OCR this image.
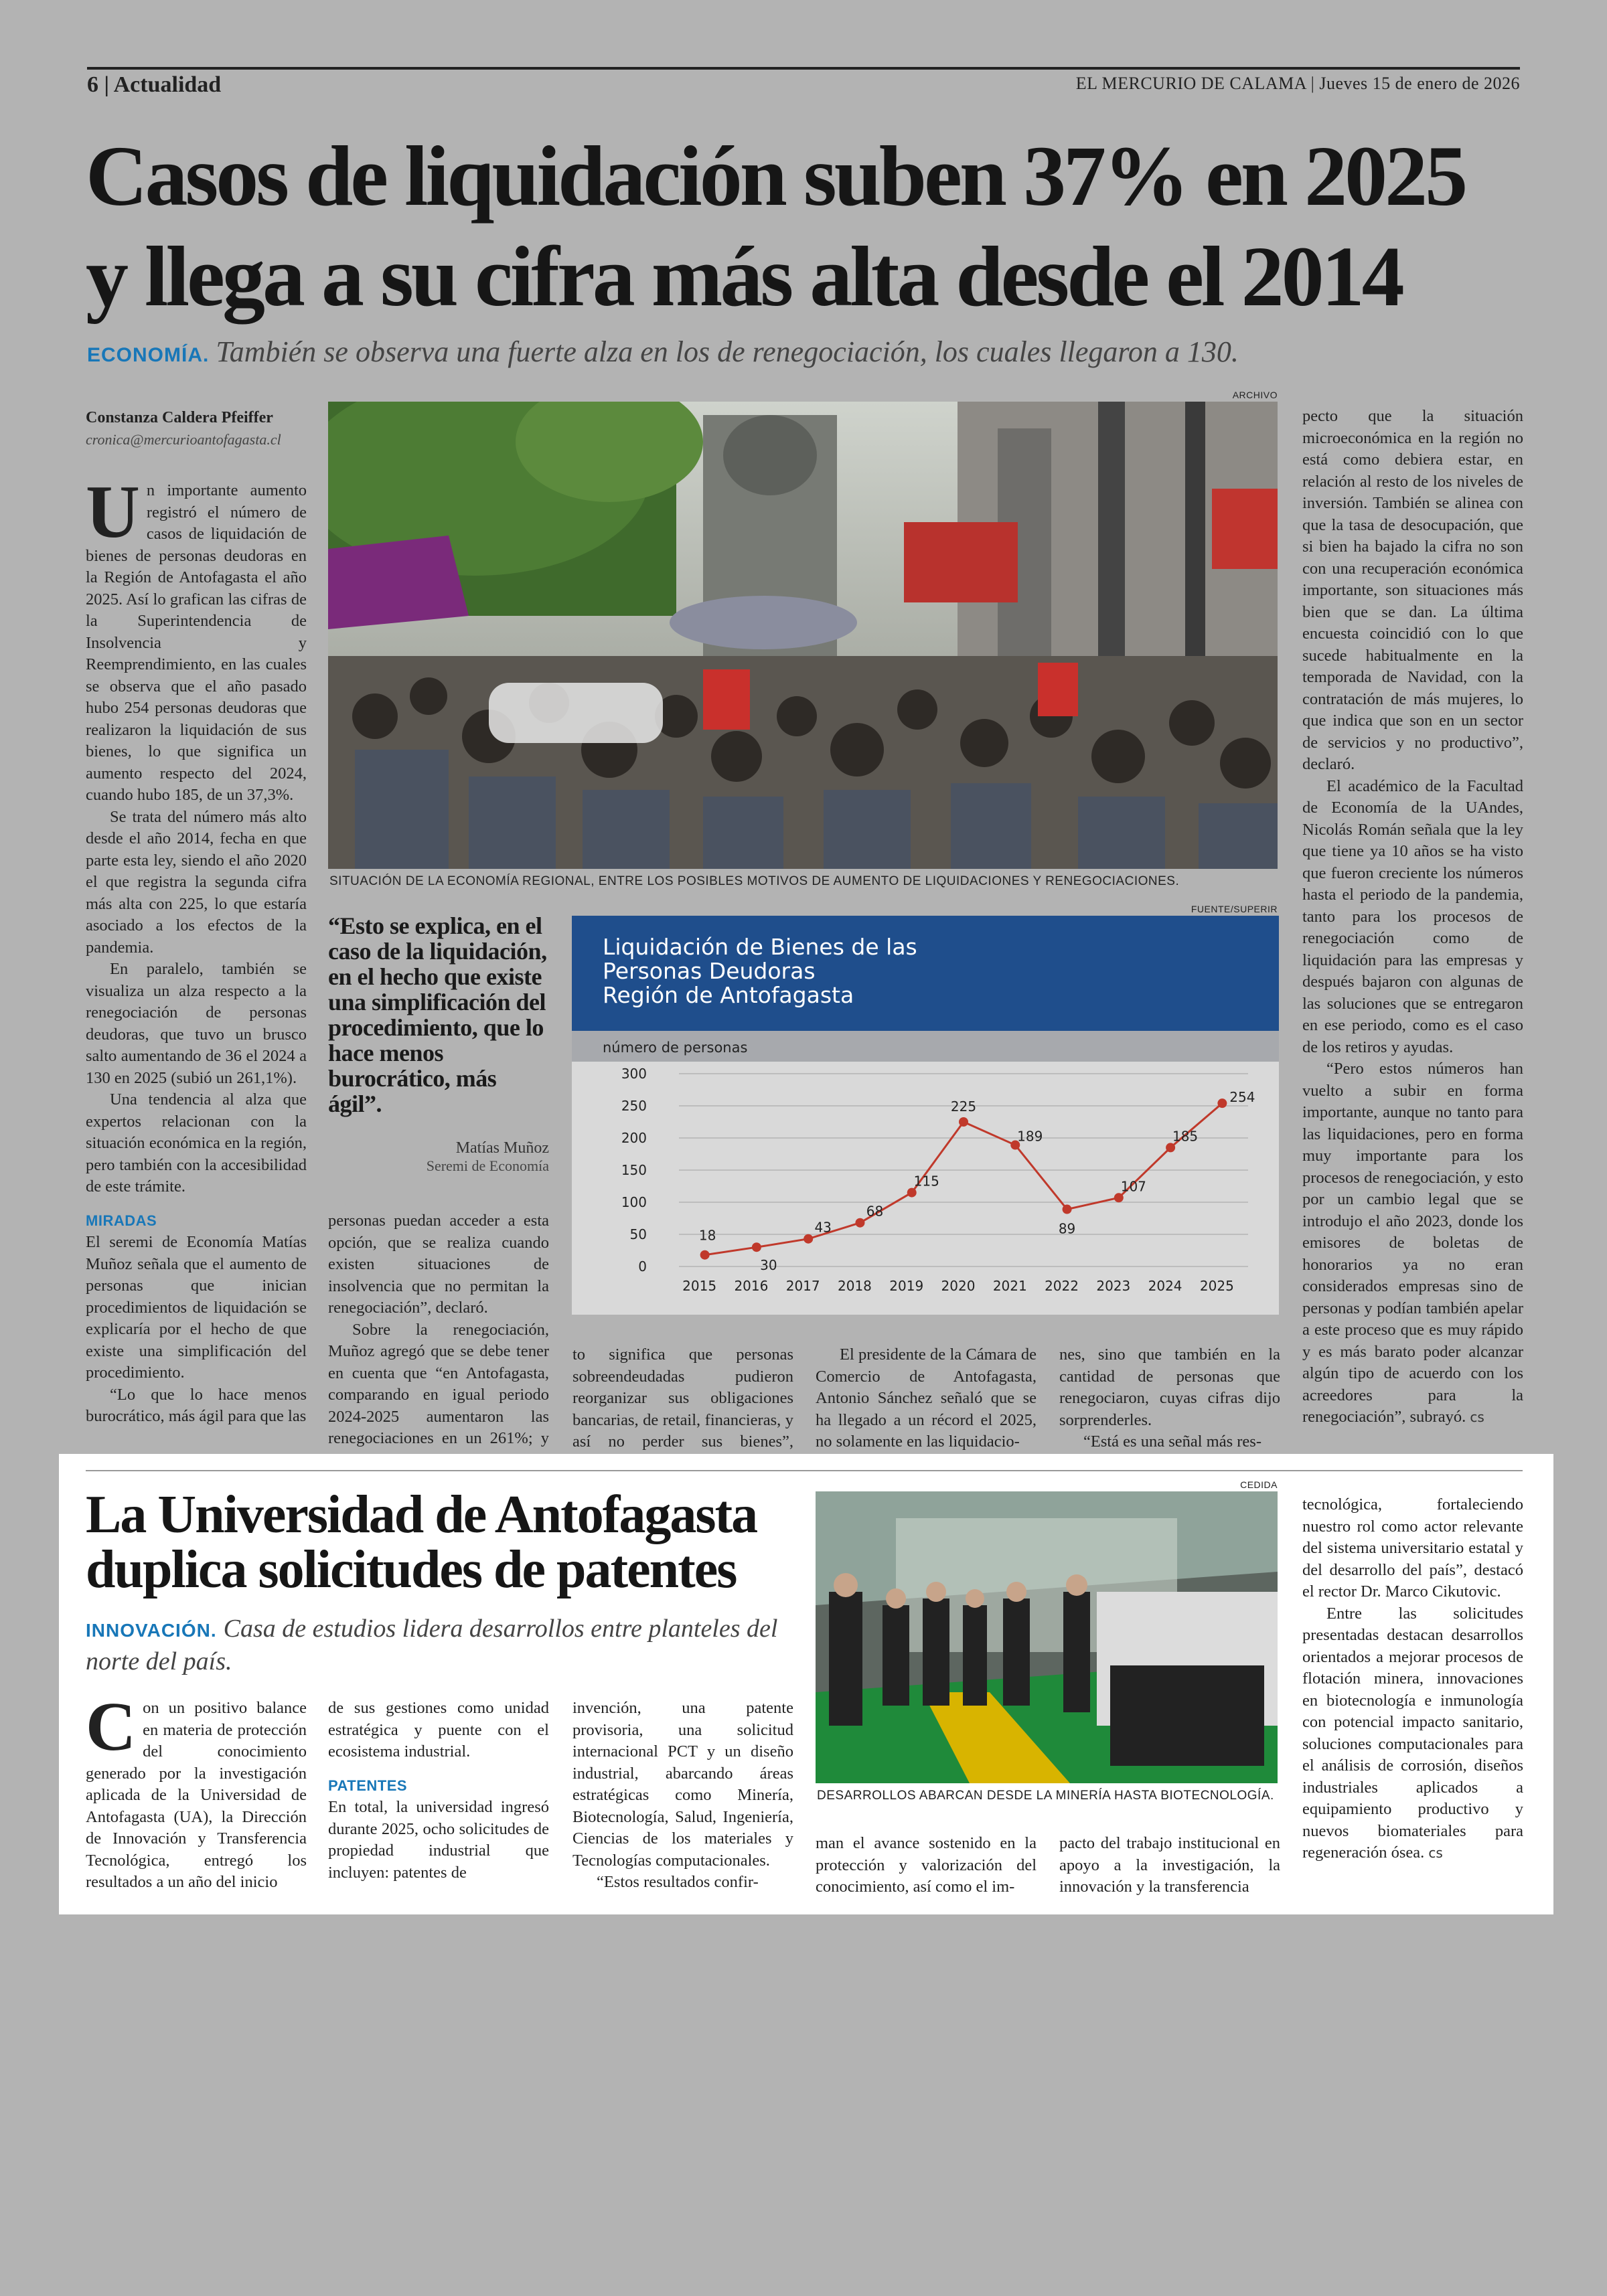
6 | Actualidad	EL MERCURIO DE CALAMA | Jueves 15 de enero de 2026
Casos de liquidación suben 37% en 2025
y llega a su cifra más alta desde el 2014
ECONOMÍA. También se observa una fuerte alza en los de renegociación, los cuales llegaron a 130.
Constanza Caldera Pfeiffer
cronica@mercurioantofagasta.cl

Un importante aumento registró el número de casos de liquidación de bienes de personas deudoras en la Región de Antofagasta el año 2025. Así lo grafican las cifras de la Superintendencia de Insolvencia y Reemprendimiento, en las cuales se observa que el año pasado hubo 254 personas deudoras que realizaron la liquidación de sus bienes, lo que significa un aumento respecto del 2024, cuando hubo 185, de un 37,3%.

Se trata del número más alto desde el año 2014, fecha en que parte esta ley, siendo el año 2020 el que registra la segunda cifra más alta con 225, lo que estaría asociado a los efectos de la pandemia.

En paralelo, también se visualiza un alza respecto a la renegociación de personas deudoras, que tuvo un brusco salto aumentando de 36 el 2024 a 130 en 2025 (subió un 261,1%).

Una tendencia al alza que expertos relacionan con la situación económica en la región, pero también con la accesibilidad de este trámite.

MIRADAS

El seremi de Economía Matías Muñoz señala que el aumento de personas que inician procedimientos de liquidación se explicaría por el hecho de que existe una simplificación del procedimiento.

“Lo que lo hace menos burocrático, más ágil para que las

ARCHIVO
SITUACIÓN DE LA ECONOMÍA REGIONAL, ENTRE LOS POSIBLES MOTIVOS DE AUMENTO DE LIQUIDACIONES Y RENEGOCIACIONES.
FUENTE/SUPERIR
Liquidación de Bienes de las
Personas Deudoras
Región de Antofagasta
número de personas
0
50
100
150
200
250
300
2015 2016 2017 2018 2019 2020 2021 2022 2023 2024 2025
18
30
43
68
115
225
189
89
107
185
254
“Esto se explica, en el caso de la liquidación, en el hecho que existe una simplificación del procedimiento, que lo hace menos burocrático, más ágil”.
Matías Muñoz
Seremi de Economía

personas puedan acceder a esta opción, que se realiza cuando existen situaciones de insolvencia que no permitan la renegociación”, declaró.

Sobre la renegociación, Muñoz agregó que se debe tener en cuenta que “en Antofagasta, comparando en igual periodo 2024-2025 aumentaron las renegociaciones en un 261%; y

to significa que personas sobreendeudadas pudieron reorganizar sus obligaciones bancarias, de retail, financieras, y así no perder sus bienes”,

El presidente de la Cámara de Comercio de Antofagasta, Antonio Sánchez señaló que se ha llegado a un récord el 2025, no solamente en las liquidacio-

nes, sino que también en la cantidad de personas que renegociaron, cuyas cifras dijo sorprenderles.

“Está es una señal más res-

pecto que la situación microeconómica en la región no está como debiera estar, en relación al resto de los niveles de inversión. También se alinea con que la tasa de desocupación, que si bien ha bajado la cifra no son con una recuperación económica importante, son situaciones más bien que se dan. La última encuesta coincidió con lo que sucede habitualmente en la temporada de Navidad, con la contratación de más mujeres, lo que indica que son en un sector de servicios y no productivo”, declaró.

El académico de la Facultad de Economía de la UAndes, Nicolás Román señala que la ley que tiene ya 10 años se ha visto que fueron creciente los números hasta el periodo de la pandemia, tanto para los procesos de renegociación como de liquidación para las empresas y después bajaron con algunas de las soluciones que se entregaron en ese periodo, como es el caso de los retiros y ayudas.

“Pero estos números han vuelto a subir en forma importante, aunque no tanto para las liquidaciones, pero en forma muy importante para los procesos de renegociación, y esto por un cambio legal que se introdujo el año 2023, donde los emisores de boletas de honorarios ya no eran considerados empresas sino de personas y podían también apelar a este proceso que es muy rápido y es más barato poder alcanzar algún tipo de acuerdo con los acreedores para la renegociación”, subrayó. cs

La Universidad de Antofagasta
duplica solicitudes de patentes
INNOVACIÓN. Casa de estudios lidera desarrollos entre planteles del norte del país.

Con un positivo balance en materia de protección del conocimiento generado por la investigación aplicada de la Universidad de Antofagasta (UA), la Dirección de Innovación y Transferencia Tecnológica, entregó los resultados a un año del inicio

de sus gestiones como unidad estratégica y puente con el ecosistema industrial.

PATENTES

En total, la universidad ingresó durante 2025, ocho solicitudes de propiedad industrial que incluyen: patentes de

invención, una patente provisoria, una solicitud internacional PCT y un diseño industrial, abarcando áreas estratégicas como Minería, Biotecnología, Salud, Ingeniería, Ciencias de los materiales y Tecnologías computacionales.

“Estos resultados confir-

CEDIDA
DESARROLLOS ABARCAN DESDE LA MINERÍA HASTA BIOTECNOLOGÍA.

man el avance sostenido en la protección y valorización del conocimiento, así como el im-

pacto del trabajo institucional en apoyo a la investigación, la innovación y la transferencia

tecnológica, fortaleciendo nuestro rol como actor relevante del sistema universitario estatal y del desarrollo del país”, destacó el rector Dr. Marco Cikutovic.

Entre las solicitudes presentadas destacan desarrollos orientados a mejorar procesos de flotación minera, innovaciones en biotecnología e inmunología con potencial impacto sanitario, soluciones computacionales para el análisis de corrosión, diseños industriales aplicados a equipamiento productivo y nuevos biomateriales para regeneración ósea. cs
